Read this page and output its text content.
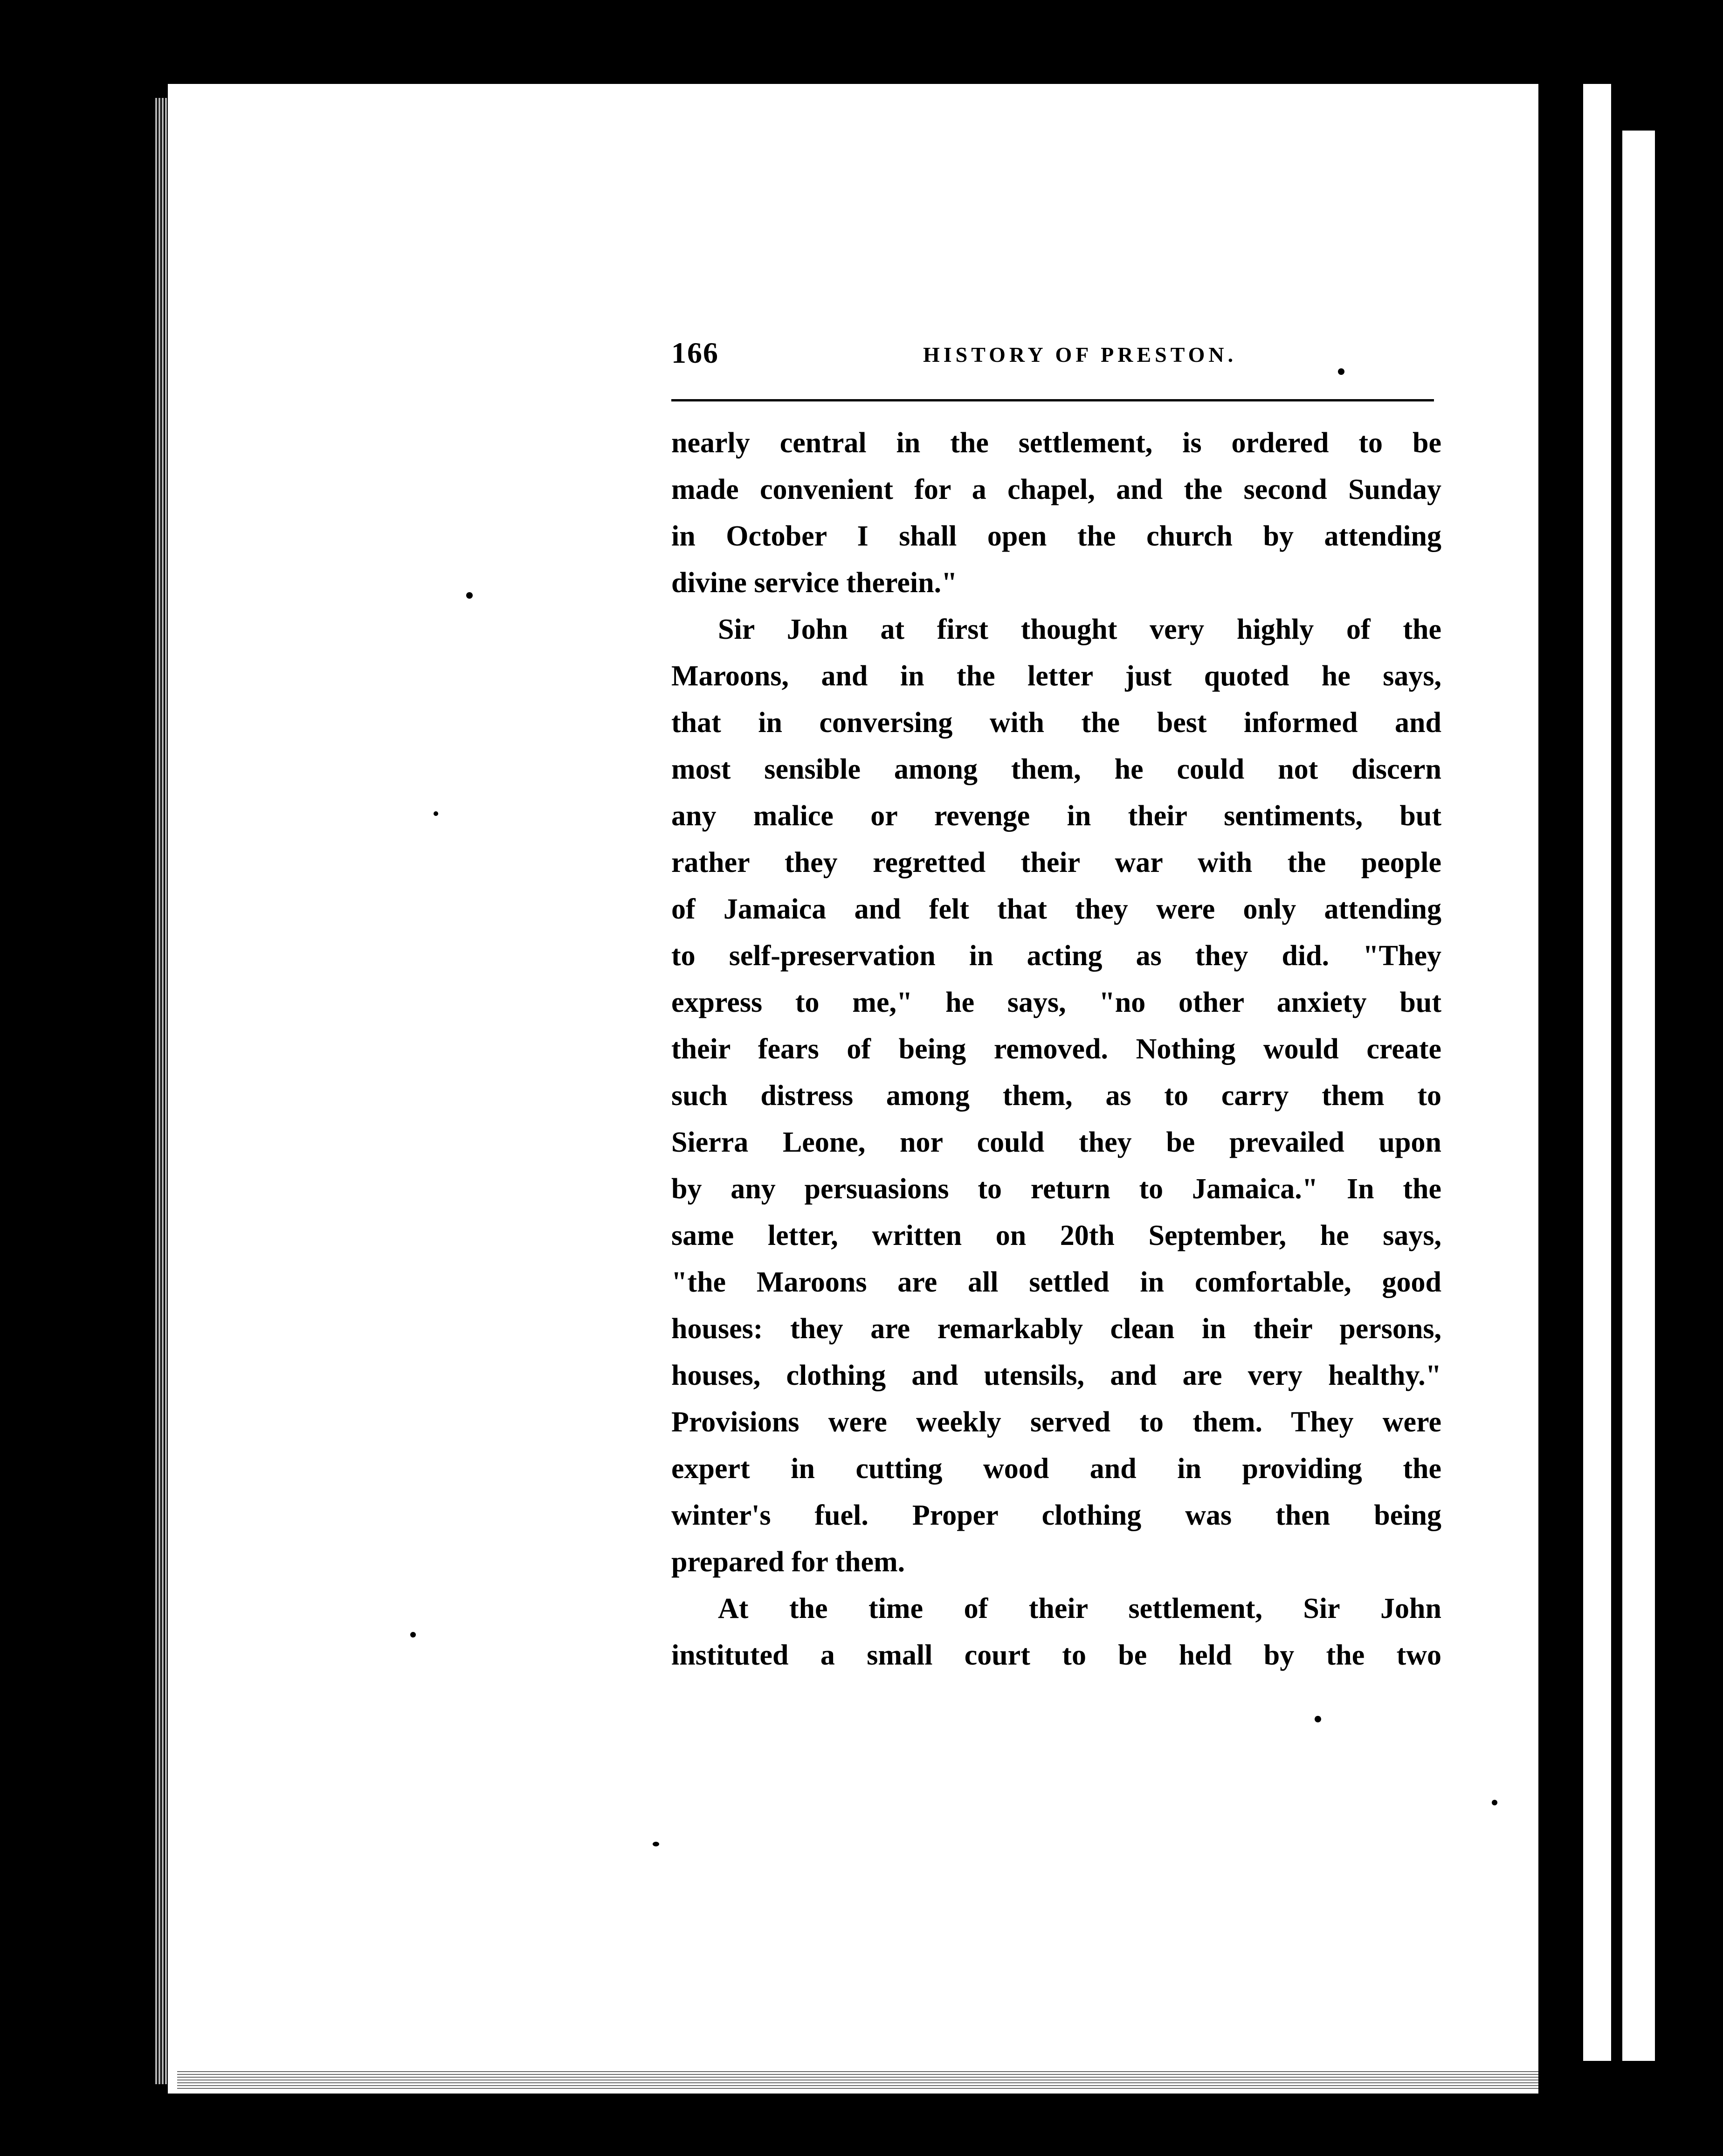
166	HISTORY OF PRESTON.
nearly central in the settlement, is ordered to be
made convenient for a chapel, and the second Sunday
in October I shall open the church by attending
divine service therein."
Sir John at first thought very highly of the
Maroons, and in the letter just quoted he says,
that in conversing with the best informed and
most sensible among them, he could not discern
any malice or revenge in their sentiments, but
rather they regretted their war with the people
of Jamaica and felt that they were only attending
to self-preservation in acting as they did. "They
express to me," he says, "no other anxiety but
their fears of being removed. Nothing would create
such distress among them, as to carry them to
Sierra Leone, nor could they be prevailed upon
by any persuasions to return to Jamaica." In the
same letter, written on 20th September, he says,
"the Maroons are all settled in comfortable, good
houses: they are remarkably clean in their persons,
houses, clothing and utensils, and are very healthy."
Provisions were weekly served to them. They were
expert in cutting wood and in providing the
winter's fuel. Proper clothing was then being
prepared for them.
At the time of their settlement, Sir John
instituted a small court to be held by the two
